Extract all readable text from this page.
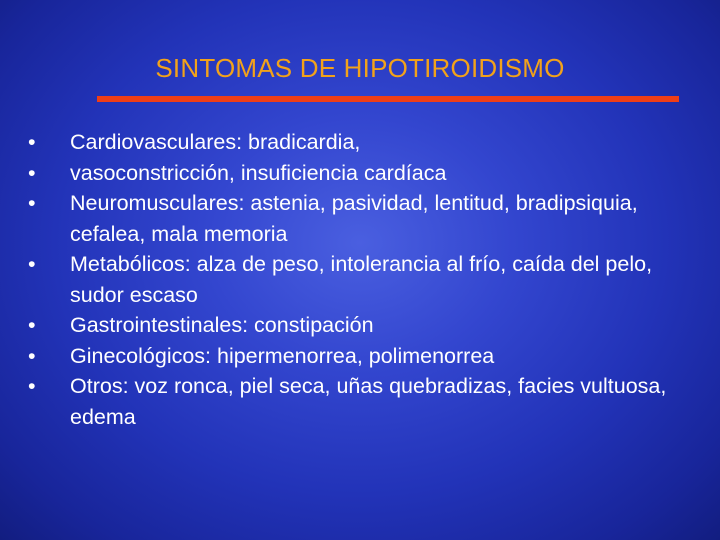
SINTOMAS DE HIPOTIROIDISMO
•	Cardiovasculares: bradicardia,
•	vasoconstricción, insuficiencia cardíaca
•	Neuromusculares: astenia, pasividad, lentitud, bradipsiquia, cefalea, mala memoria
•	Metabólicos: alza de peso, intolerancia al frío, caída del pelo, sudor escaso
•	Gastrointestinales: constipación
•	Ginecológicos: hipermenorrea, polimenorrea
•	Otros: voz ronca, piel seca, uñas quebradizas, facies vultuosa, edema
